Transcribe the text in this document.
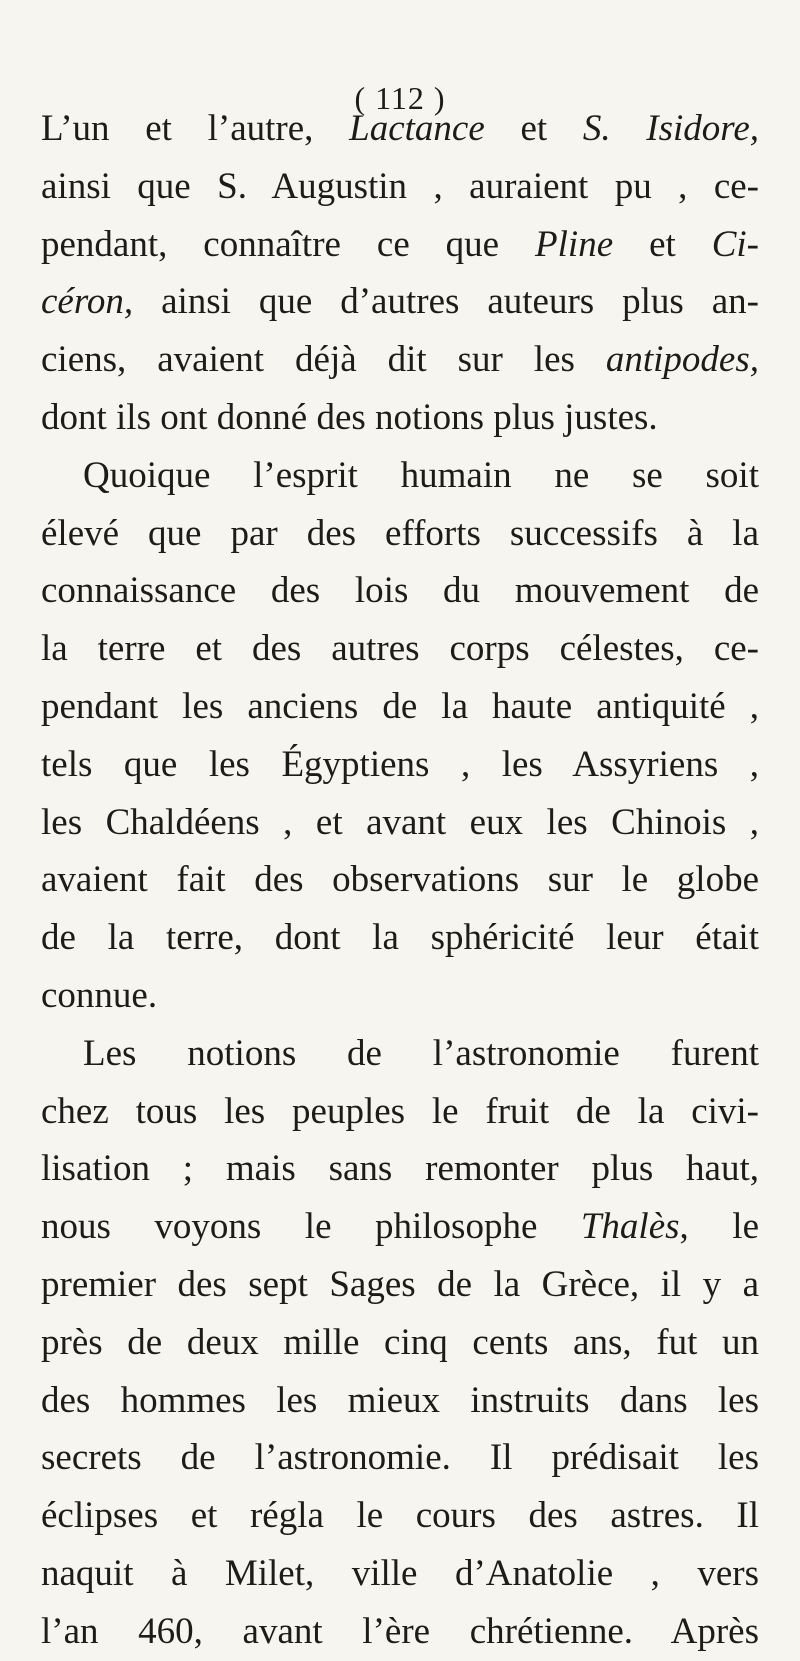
( 112 )
L’un et l’autre, Lactance et S. Isidore,
ainsi que S. Augustin , auraient pu , ce-
pendant, connaître ce que Pline et Ci-
céron, ainsi que d’autres auteurs plus an-
ciens, avaient déjà dit sur les antipodes,
dont ils ont donné des notions plus justes.
Quoique l’esprit humain ne se soit
élevé que par des efforts successifs à la
connaissance des lois du mouvement de
la terre et des autres corps célestes, ce-
pendant les anciens de la haute antiquité ,
tels que les Égyptiens , les Assyriens ,
les Chaldéens , et avant eux les Chinois ,
avaient fait des observations sur le globe
de la terre, dont la sphéricité leur était
connue.
Les notions de l’astronomie furent
chez tous les peuples le fruit de la civi-
lisation ; mais sans remonter plus haut,
nous voyons le philosophe Thalès, le
premier des sept Sages de la Grèce, il y a
près de deux mille cinq cents ans, fut un
des hommes les mieux instruits dans les
secrets de l’astronomie. Il prédisait les
éclipses et régla le cours des astres. Il
naquit à Milet, ville d’Anatolie , vers
l’an 460, avant l’ère chrétienne. Après
